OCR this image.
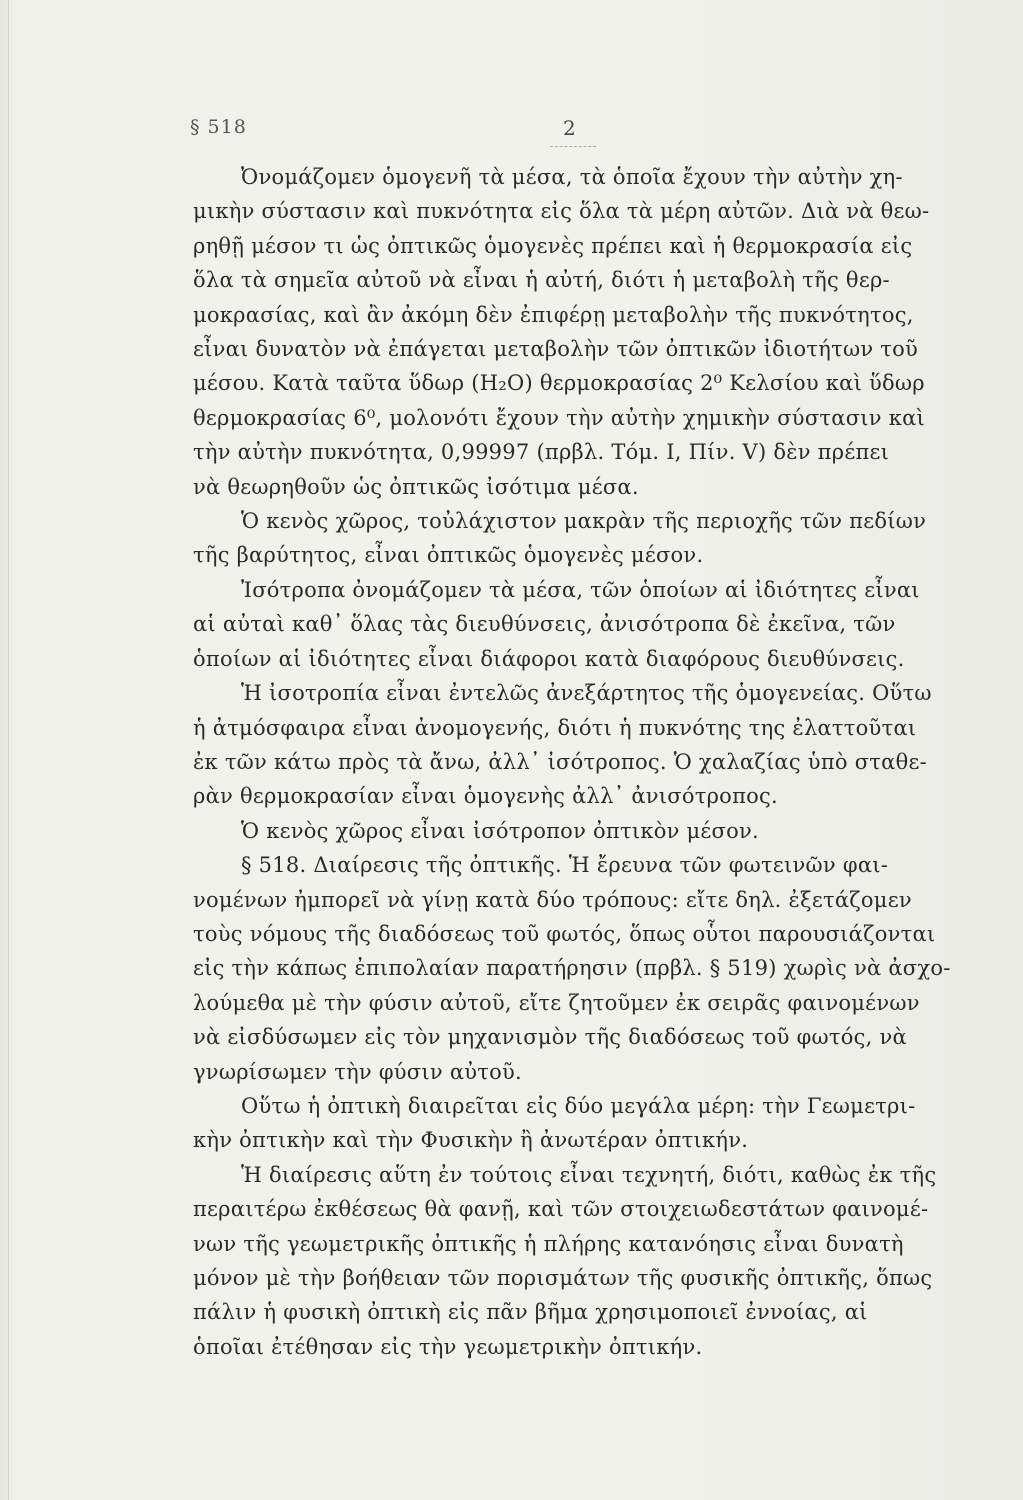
§ 518	2

Ὀνομάζομεν ὁμογενῆ τὰ μέσα, τὰ ὁποῖα ἔχουν τὴν αὐτὴν χη-
μικὴν σύστασιν καὶ πυκνότητα εἰς ὅλα τὰ μέρη αὐτῶν. Διὰ νὰ θεω-
ρηθῇ μέσον τι ὡς ὀπτικῶς ὁμογενὲς πρέπει καὶ ἡ θερμοκρασία εἰς
ὅλα τὰ σημεῖα αὐτοῦ νὰ εἶναι ἡ αὐτή, διότι ἡ μεταβολὴ τῆς θερ-
μοκρασίας, καὶ ἂν ἀκόμη δὲν ἐπιφέρῃ μεταβολὴν τῆς πυκνότητος,
εἶναι δυνατὸν νὰ ἐπάγεται μεταβολὴν τῶν ὀπτικῶν ἰδιοτήτων τοῦ
μέσου. Κατὰ ταῦτα ὕδωρ (H₂O) θερμοκρασίας 2⁰ Κελσίου καὶ ὕδωρ
θερμοκρασίας 6⁰, μολονότι ἔχουν τὴν αὐτὴν χημικὴν σύστασιν καὶ
τὴν αὐτὴν πυκνότητα, 0,99997 (πρβλ. Τόμ. I, Πίν. V) δὲν πρέπει
νὰ θεωρηθοῦν ὡς ὀπτικῶς ἰσότιμα μέσα.

Ὁ κενὸς χῶρος, τοὐλάχιστον μακρὰν τῆς περιοχῆς τῶν πεδίων
τῆς βαρύτητος, εἶναι ὀπτικῶς ὁμογενὲς μέσον.

Ἰσότροπα ὀνομάζομεν τὰ μέσα, τῶν ὁποίων αἱ ἰδιότητες εἶναι
αἱ αὐταὶ καθ᾿ ὅλας τὰς διευθύνσεις, ἀνισότροπα δὲ ἐκεῖνα, τῶν
ὁποίων αἱ ἰδιότητες εἶναι διάφοροι κατὰ διαφόρους διευθύνσεις.

Ἡ ἰσοτροπία εἶναι ἐντελῶς ἀνεξάρτητος τῆς ὁμογενείας. Οὕτω
ἡ ἀτμόσφαιρα εἶναι ἀνομογενής, διότι ἡ πυκνότης της ἐλαττοῦται
ἐκ τῶν κάτω πρὸς τὰ ἄνω, ἀλλ᾿ ἰσότροπος. Ὁ χαλαζίας ὑπὸ σταθε-
ρὰν θερμοκρασίαν εἶναι ὁμογενὴς ἀλλ᾿ ἀνισότροπος.

Ὁ κενὸς χῶρος εἶναι ἰσότροπον ὀπτικὸν μέσον.

§ 518. Διαίρεσις τῆς ὀπτικῆς. Ἡ ἔρευνα τῶν φωτεινῶν φαι-
νομένων ἠμπορεῖ νὰ γίνῃ κατὰ δύο τρόπους: εἴτε δηλ. ἐξετάζομεν
τοὺς νόμους τῆς διαδόσεως τοῦ φωτός, ὅπως οὗτοι παρουσιάζονται
εἰς τὴν κάπως ἐπιπολαίαν παρατήρησιν (πρβλ. § 519) χωρὶς νὰ ἀσχο-
λούμεθα μὲ τὴν φύσιν αὐτοῦ, εἴτε ζητοῦμεν ἐκ σειρᾶς φαινομένων
νὰ εἰσδύσωμεν εἰς τὸν μηχανισμὸν τῆς διαδόσεως τοῦ φωτός, νὰ
γνωρίσωμεν τὴν φύσιν αὐτοῦ.

Οὕτω ἡ ὀπτικὴ διαιρεῖται εἰς δύο μεγάλα μέρη: τὴν Γεωμετρι-
κὴν ὀπτικὴν καὶ τὴν Φυσικὴν ἢ ἀνωτέραν ὀπτικήν.

Ἡ διαίρεσις αὕτη ἐν τούτοις εἶναι τεχνητή, διότι, καθὼς ἐκ τῆς
περαιτέρω ἐκθέσεως θὰ φανῇ, καὶ τῶν στοιχειωδεστάτων φαινομέ-
νων τῆς γεωμετρικῆς ὀπτικῆς ἡ πλήρης κατανόησις εἶναι δυνατὴ
μόνον μὲ τὴν βοήθειαν τῶν πορισμάτων τῆς φυσικῆς ὀπτικῆς, ὅπως
πάλιν ἡ φυσικὴ ὀπτικὴ εἰς πᾶν βῆμα χρησιμοποιεῖ ἐννοίας, αἱ
ὁποῖαι ἐτέθησαν εἰς τὴν γεωμετρικὴν ὀπτικήν.
